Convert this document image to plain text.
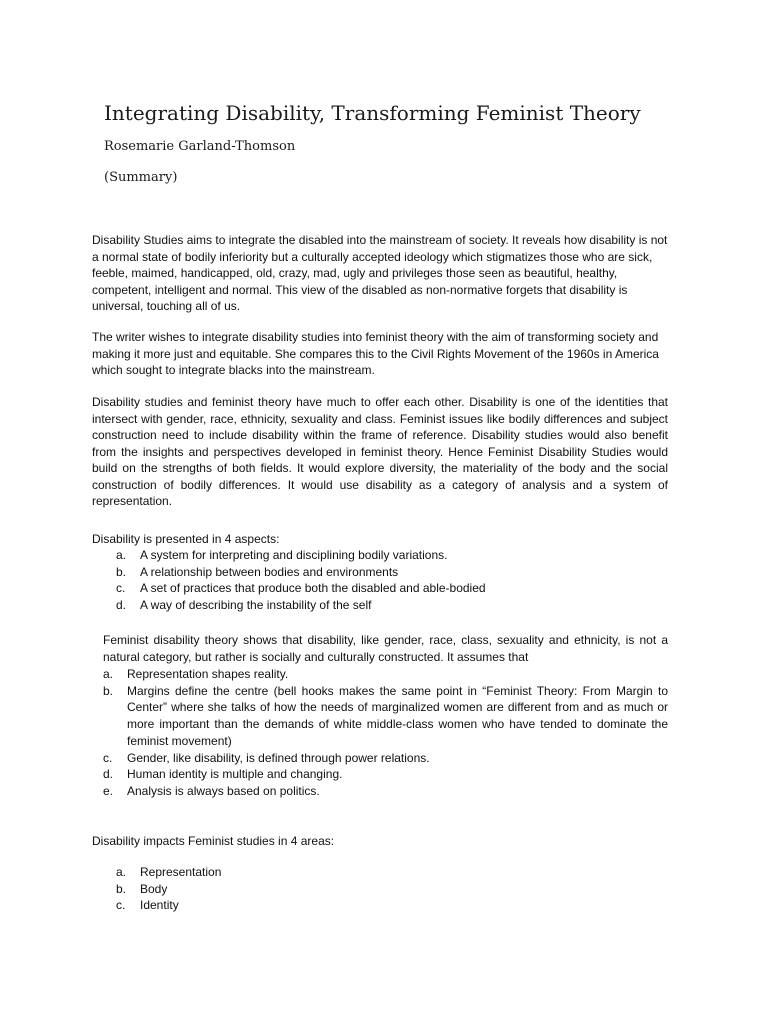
Integrating Disability, Transforming Feminist Theory
Rosemarie Garland-Thomson
(Summary)

Disability Studies aims to integrate the disabled into the mainstream of society. It reveals how disability is not a normal state of bodily inferiority but a culturally accepted ideology which stigmatizes those who are sick, feeble, maimed, handicapped, old, crazy, mad, ugly and privileges those seen as beautiful, healthy, competent, intelligent and normal. This view of the disabled as non-normative forgets that disability is universal, touching all of us.

The writer wishes to integrate disability studies into feminist theory with the aim of transforming society and making it more just and equitable. She compares this to the Civil Rights Movement of the 1960s in America which sought to integrate blacks into the mainstream.

Disability studies and feminist theory have much to offer each other. Disability is one of the identities that intersect with gender, race, ethnicity, sexuality and class. Feminist issues like bodily differences and subject construction need to include disability within the frame of reference. Disability studies would also benefit from the insights and perspectives developed in feminist theory. Hence Feminist Disability Studies would build on the strengths of both fields. It would explore diversity, the materiality of the body and the social construction of bodily differences. It would use disability as a category of analysis and a system of representation.

Disability is presented in 4 aspects:

a. A system for interpreting and disciplining bodily variations.
b. A relationship between bodies and environments
c. A set of practices that produce both the disabled and able-bodied
d. A way of describing the instability of the self

Feminist disability theory shows that disability, like gender, race, class, sexuality and ethnicity, is not a natural category, but rather is socially and culturally constructed. It assumes that

a. Representation shapes reality.
b. Margins define the centre (bell hooks makes the same point in “Feminist Theory: From Margin to Center” where she talks of how the needs of marginalized women are different from and as much or more important than the demands of white middle-class women who have tended to dominate the feminist movement)
c. Gender, like disability, is defined through power relations.
d. Human identity is multiple and changing.
e. Analysis is always based on politics.

Disability impacts Feminist studies in 4 areas:

a. Representation
b. Body
c. Identity
